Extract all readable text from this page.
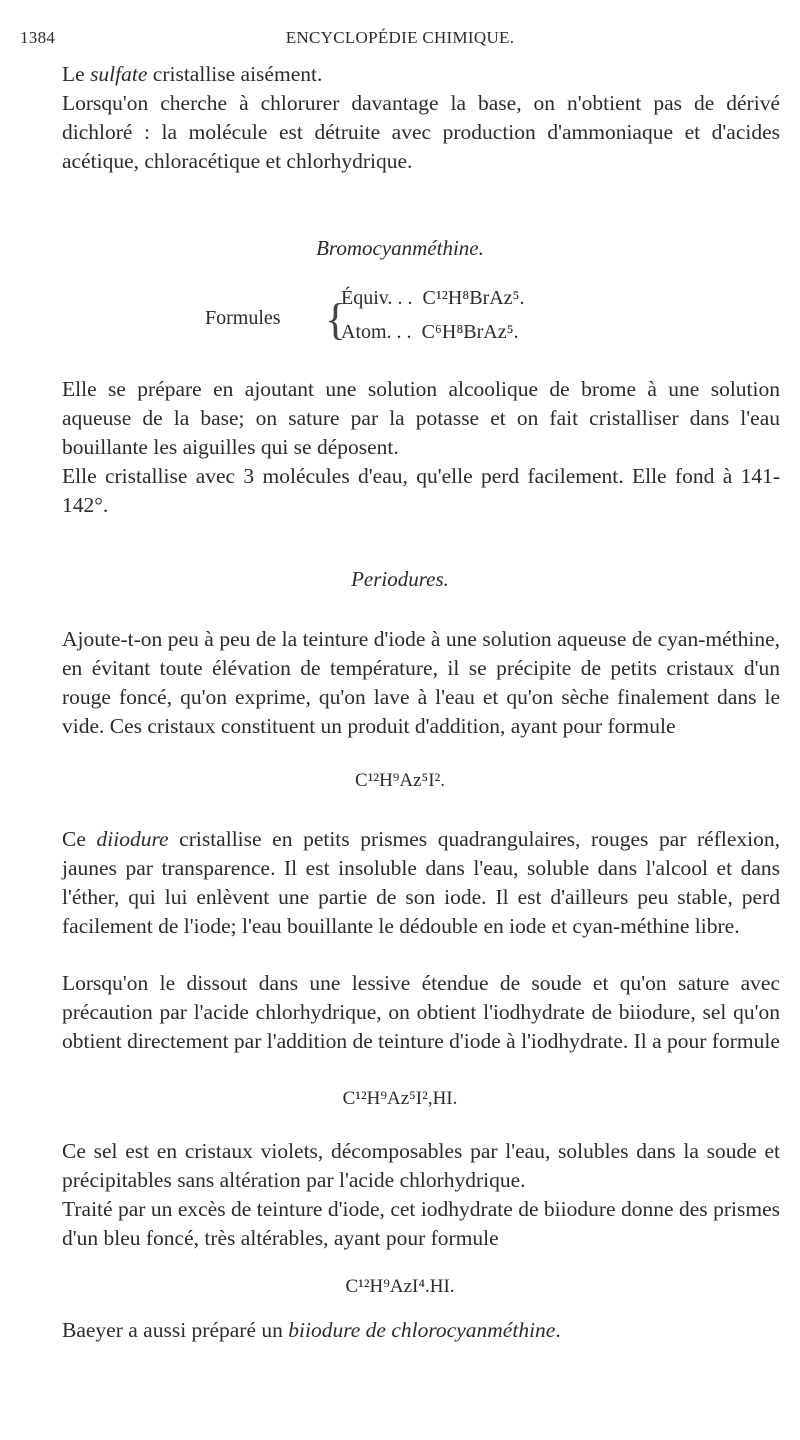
1384	ENCYCLOPÉDIE CHIMIQUE.

Le sulfate cristallise aisément.

Lorsqu'on cherche à chlorurer davantage la base, on n'obtient pas de dérivé dichloré : la molécule est détruite avec production d'ammoniaque et d'acides acétique, chloracétique et chlorhydrique.

Bromocyanméthine.
Formules {
Équiv. . . C¹²H⁸BrAz⁵.
Atom. . . C⁶H⁸BrAz⁵.

Elle se prépare en ajoutant une solution alcoolique de brome à une solution aqueuse de la base; on sature par la potasse et on fait cristalliser dans l'eau bouillante les aiguilles qui se déposent.

Elle cristallise avec 3 molécules d'eau, qu'elle perd facilement. Elle fond à 141-142°.

Periodures.

Ajoute-t-on peu à peu de la teinture d'iode à une solution aqueuse de cyan-méthine, en évitant toute élévation de température, il se précipite de petits cristaux d'un rouge foncé, qu'on exprime, qu'on lave à l'eau et qu'on sèche finalement dans le vide. Ces cristaux constituent un produit d'addition, ayant pour formule

C¹²H⁹Az⁵I².

Ce diiodure cristallise en petits prismes quadrangulaires, rouges par réflexion, jaunes par transparence. Il est insoluble dans l'eau, soluble dans l'alcool et dans l'éther, qui lui enlèvent une partie de son iode. Il est d'ailleurs peu stable, perd facilement de l'iode; l'eau bouillante le dédouble en iode et cyan-méthine libre.

Lorsqu'on le dissout dans une lessive étendue de soude et qu'on sature avec précaution par l'acide chlorhydrique, on obtient l'iodhydrate de biiodure, sel qu'on obtient directement par l'addition de teinture d'iode à l'iodhydrate. Il a pour formule

C¹²H⁹Az⁵I²,HI.

Ce sel est en cristaux violets, décomposables par l'eau, solubles dans la soude et précipitables sans altération par l'acide chlorhydrique.

Traité par un excès de teinture d'iode, cet iodhydrate de biiodure donne des prismes d'un bleu foncé, très altérables, ayant pour formule

C¹²H⁹AzI⁴.HI.

Baeyer a aussi préparé un biiodure de chlorocyanméthine.
